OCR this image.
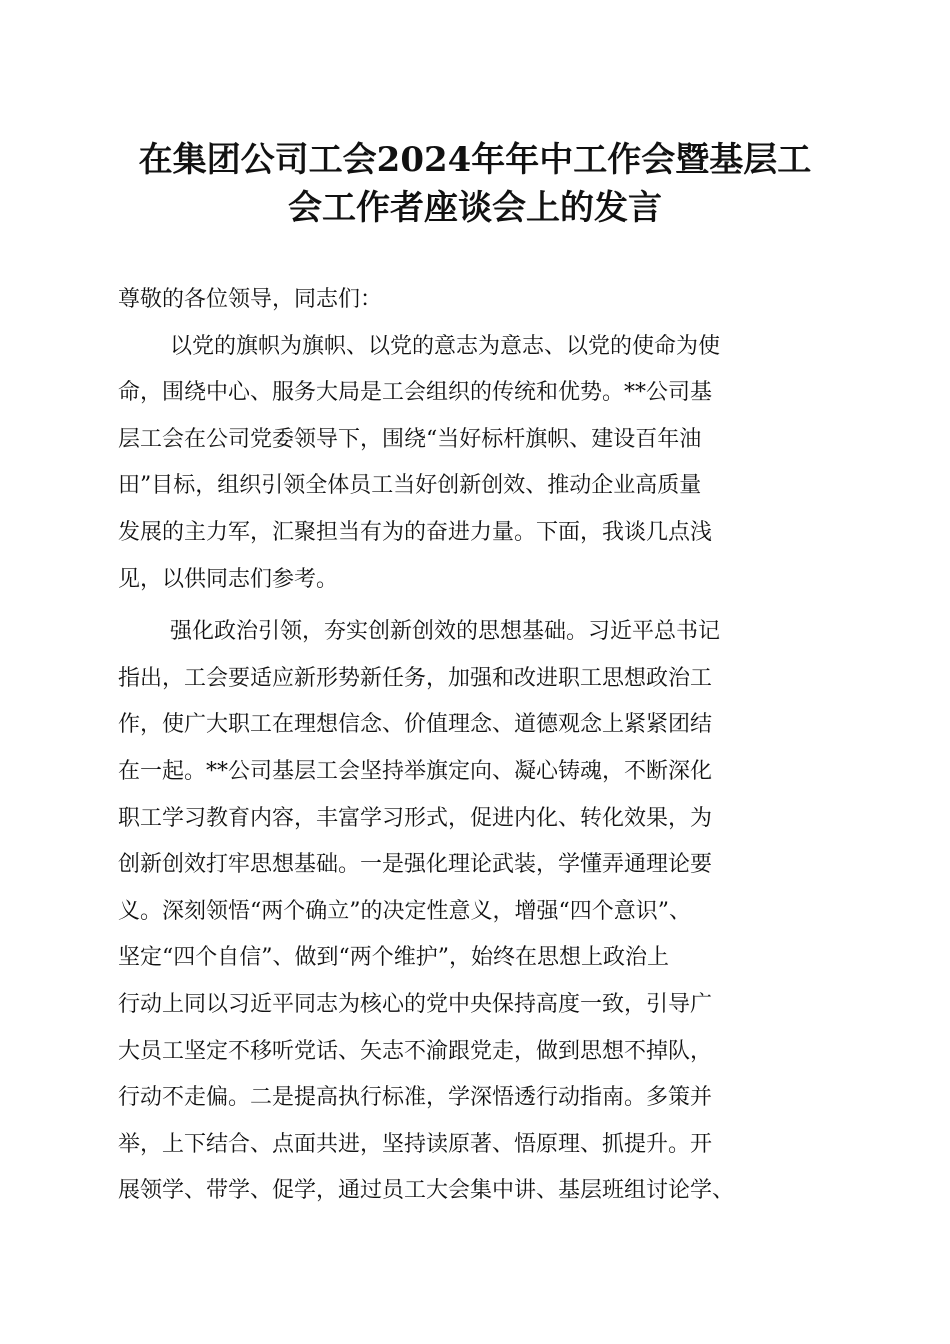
在集团公司工会2024年年中工作会暨基层工
会工作者座谈会上的发言
尊敬的各位领导，同志们：
以党的旗帜为旗帜、以党的意志为意志、以党的使命为使
命，围绕中心、服务大局是工会组织的传统和优势。**公司基
层工会在公司党委领导下，围绕“当好标杆旗帜、建设百年油
田”目标，组织引领全体员工当好创新创效、推动企业高质量
发展的主力军，汇聚担当有为的奋进力量。下面，我谈几点浅
见，以供同志们参考。
强化政治引领，夯实创新创效的思想基础。习近平总书记
指出，工会要适应新形势新任务，加强和改进职工思想政治工
作，使广大职工在理想信念、价值理念、道德观念上紧紧团结
在一起。**公司基层工会坚持举旗定向、凝心铸魂，不断深化
职工学习教育内容，丰富学习形式，促进内化、转化效果，为
创新创效打牢思想基础。一是强化理论武装，学懂弄通理论要
义。深刻领悟“两个确立”的决定性意义，增强“四个意识”、
坚定“四个自信”、做到“两个维护”，始终在思想上政治上
行动上同以习近平同志为核心的党中央保持高度一致，引导广
大员工坚定不移听党话、矢志不渝跟党走，做到思想不掉队，
行动不走偏。二是提高执行标准，学深悟透行动指南。多策并
举，上下结合、点面共进，坚持读原著、悟原理、抓提升。开
展领学、带学、促学，通过员工大会集中讲、基层班组讨论学、
